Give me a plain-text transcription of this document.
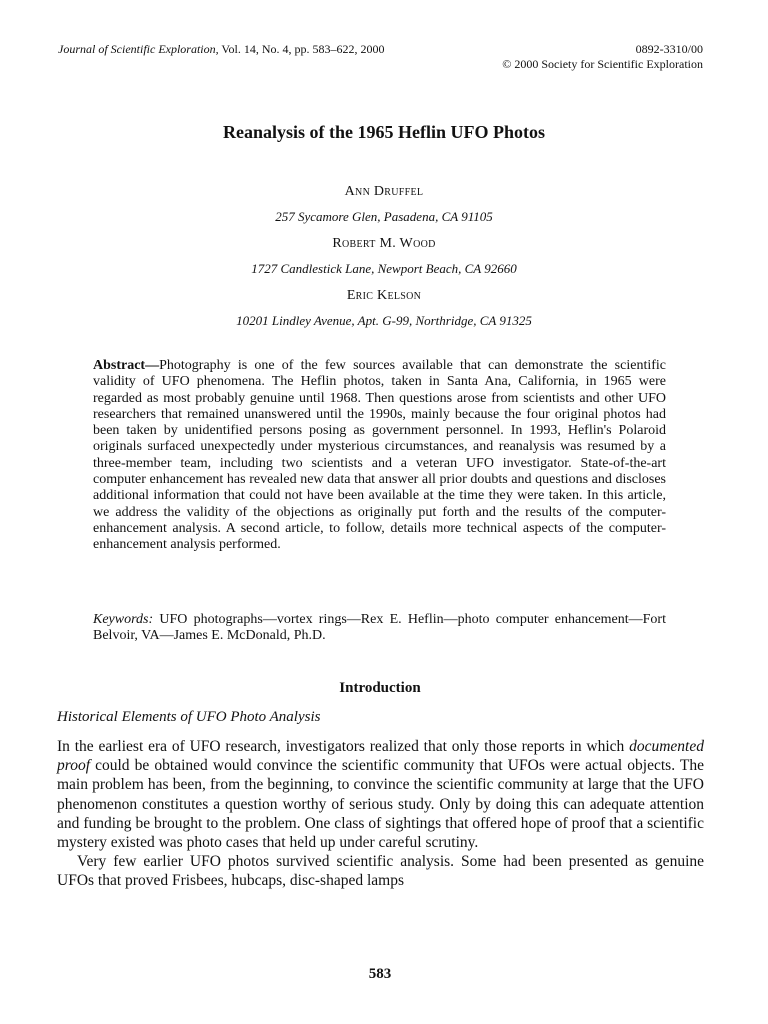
Journal of Scientific Exploration, Vol. 14, No. 4, pp. 583–622, 2000	0892-3310/00
© 2000 Society for Scientific Exploration
Reanalysis of the 1965 Heflin UFO Photos
Ann Druffel
257 Sycamore Glen, Pasadena, CA 91105
Robert M. Wood
1727 Candlestick Lane, Newport Beach, CA 92660
Eric Kelson
10201 Lindley Avenue, Apt. G-99, Northridge, CA 91325
Abstract—Photography is one of the few sources available that can demonstrate the scientific validity of UFO phenomena. The Heflin photos, taken in Santa Ana, California, in 1965 were regarded as most probably genuine until 1968. Then questions arose from scientists and other UFO researchers that remained unanswered until the 1990s, mainly because the four original photos had been taken by unidentified persons posing as government personnel. In 1993, Heflin's Polaroid originals surfaced unexpectedly under mysterious circumstances, and reanalysis was resumed by a three-member team, including two scientists and a veteran UFO investigator. State-of-the-art computer enhancement has revealed new data that answer all prior doubts and questions and discloses additional information that could not have been available at the time they were taken. In this article, we address the validity of the objections as originally put forth and the results of the computer-enhancement analysis. A second article, to follow, details more technical aspects of the computer-enhancement analysis performed.
Keywords: UFO photographs—vortex rings—Rex E. Heflin—photo computer enhancement—Fort Belvoir, VA—James E. McDonald, Ph.D.
Introduction
Historical Elements of UFO Photo Analysis

In the earliest era of UFO research, investigators realized that only those reports in which documented proof could be obtained would convince the scientific community that UFOs were actual objects. The main problem has been, from the beginning, to convince the scientific community at large that the UFO phenomenon constitutes a question worthy of serious study. Only by doing this can adequate attention and funding be brought to the problem. One class of sightings that offered hope of proof that a scientific mystery existed was photo cases that held up under careful scrutiny.

Very few earlier UFO photos survived scientific analysis. Some had been presented as genuine UFOs that proved Frisbees, hubcaps, disc-shaped lamps

583
